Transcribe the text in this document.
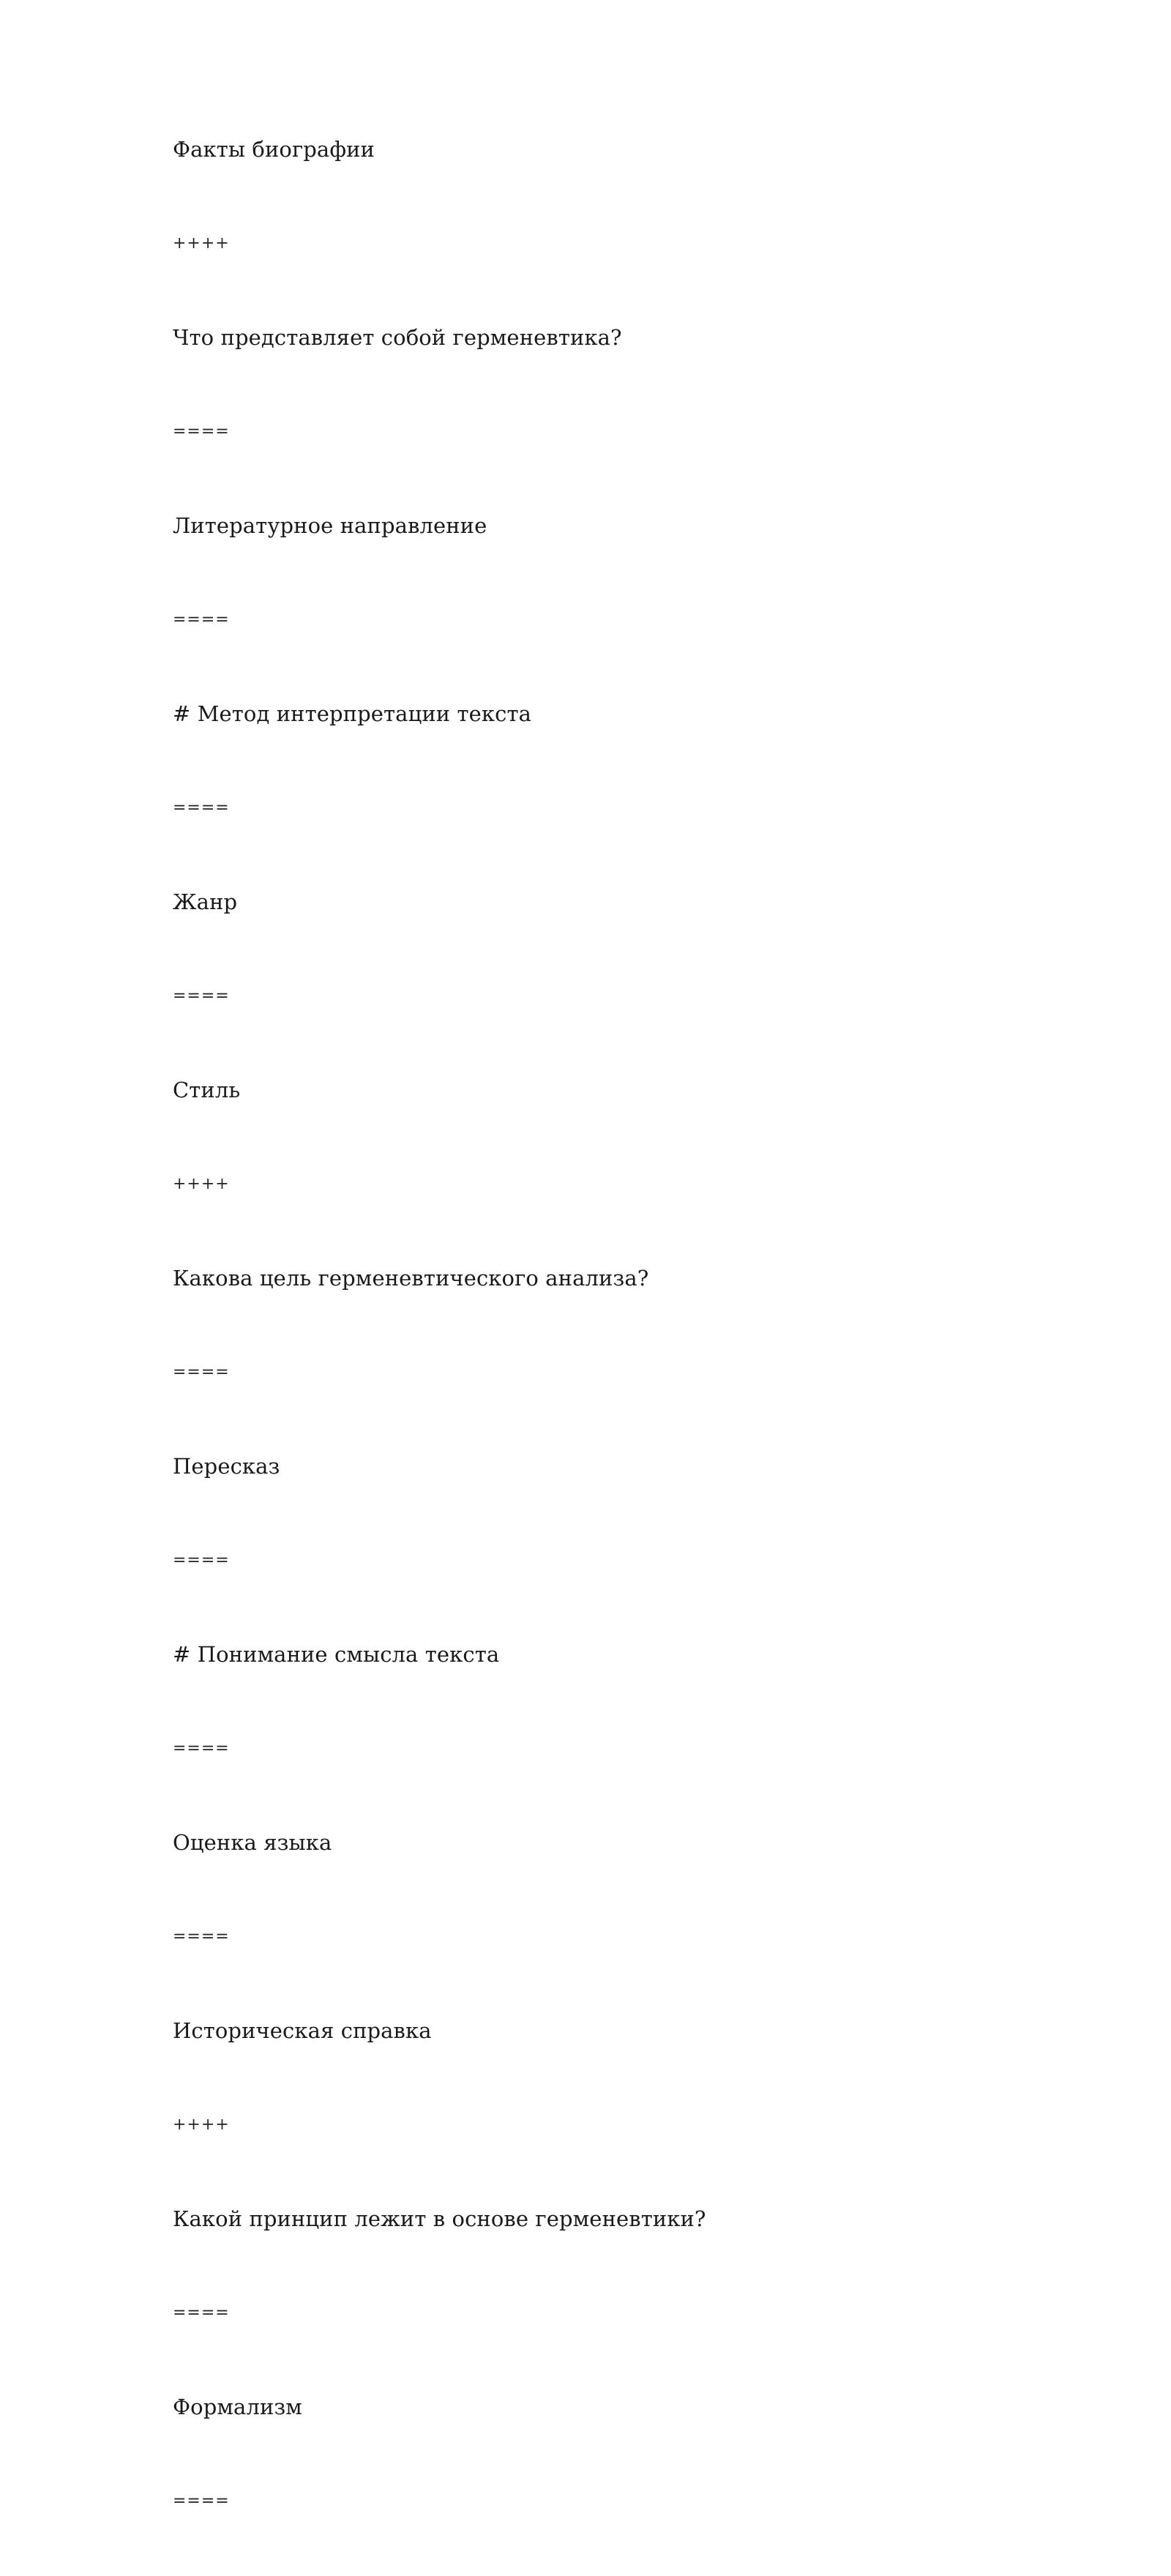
Факты биографии
++++
Что представляет собой герменевтика?
====
Литературное направление
====
# Метод интерпретации текста
====
Жанр
====
Стиль
++++
Какова цель герменевтического анализа?
====
Пересказ
====
# Понимание смысла текста
====
Оценка языка
====
Историческая справка
++++
Какой принцип лежит в основе герменевтики?
====
Формализм
====
